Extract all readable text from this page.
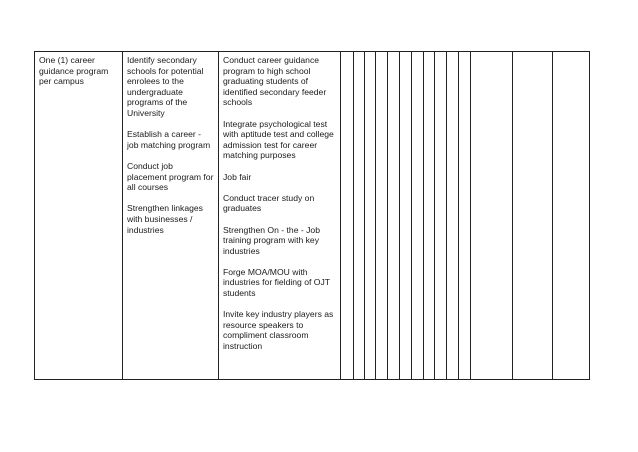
One (1) career guidance program per campus

Identify secondary schools for potential enrolees to the undergraduate programs of the University
Establish a career - job matching program
Conduct job placement program for all courses
Strengthen linkages with businesses / industries

Conduct career guidance program to high school graduating students of identified secondary feeder schools
Integrate psychological test with aptitude test and college admission test for career matching purposes
Job fair
Conduct tracer study on graduates
Strengthen On - the - Job training program with key industries
Forge MOA/MOU with industries for fielding of OJT students
Invite key industry players as resource speakers to compliment classroom instruction
